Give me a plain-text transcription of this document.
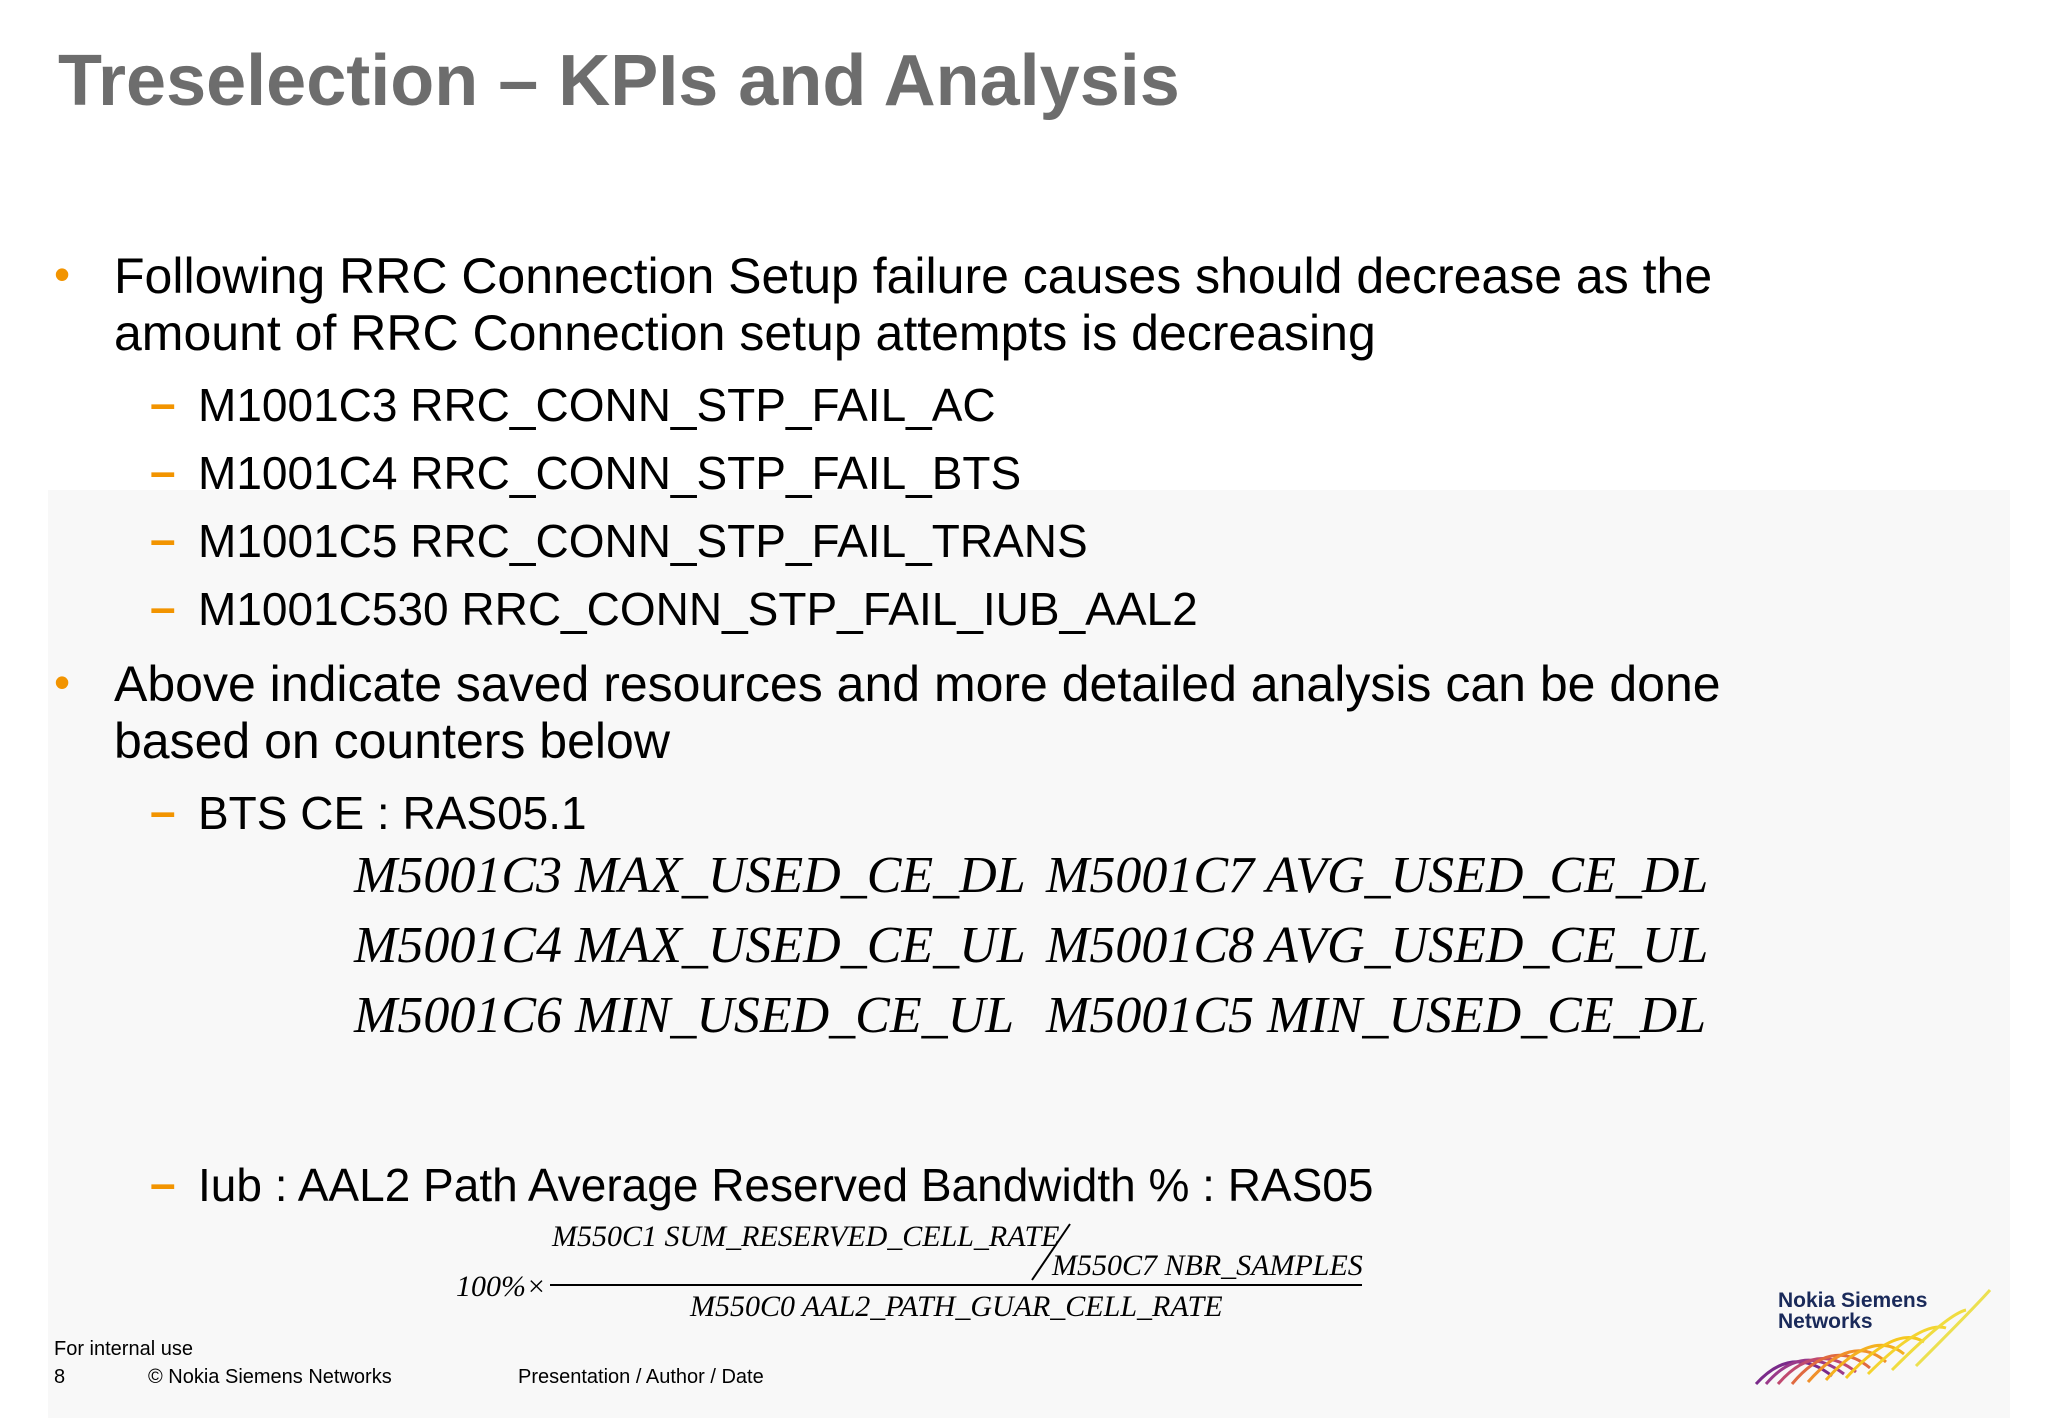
Treselection – KPIs and Analysis
• Following RRC Connection Setup failure causes should decrease as the amount of RRC Connection setup attempts is decreasing
– M1001C3 RRC_CONN_STP_FAIL_AC
– M1001C4 RRC_CONN_STP_FAIL_BTS
– M1001C5 RRC_CONN_STP_FAIL_TRANS
– M1001C530 RRC_CONN_STP_FAIL_IUB_AAL2
• Above indicate saved resources and more detailed analysis can be done based on counters below
– BTS CE : RAS05.1
M5001C3 MAX_USED_CE_DL M5001C7 AVG_USED_CE_DL
M5001C4 MAX_USED_CE_UL M5001C8 AVG_USED_CE_UL
M5001C6 MIN_USED_CE_UL M5001C5 MIN_USED_CE_DL
– Iub : AAL2 Path Average Reserved Bandwidth % : RAS05
M550C1 SUM_RESERVED_CELL_RATE
M550C7 NBR_SAMPLES
100%×
M550C0 AAL2_PATH_GUAR_CELL_RATE
For internal use
8	© Nokia Siemens Networks	Presentation / Author / Date
Nokia Siemens
Networks
